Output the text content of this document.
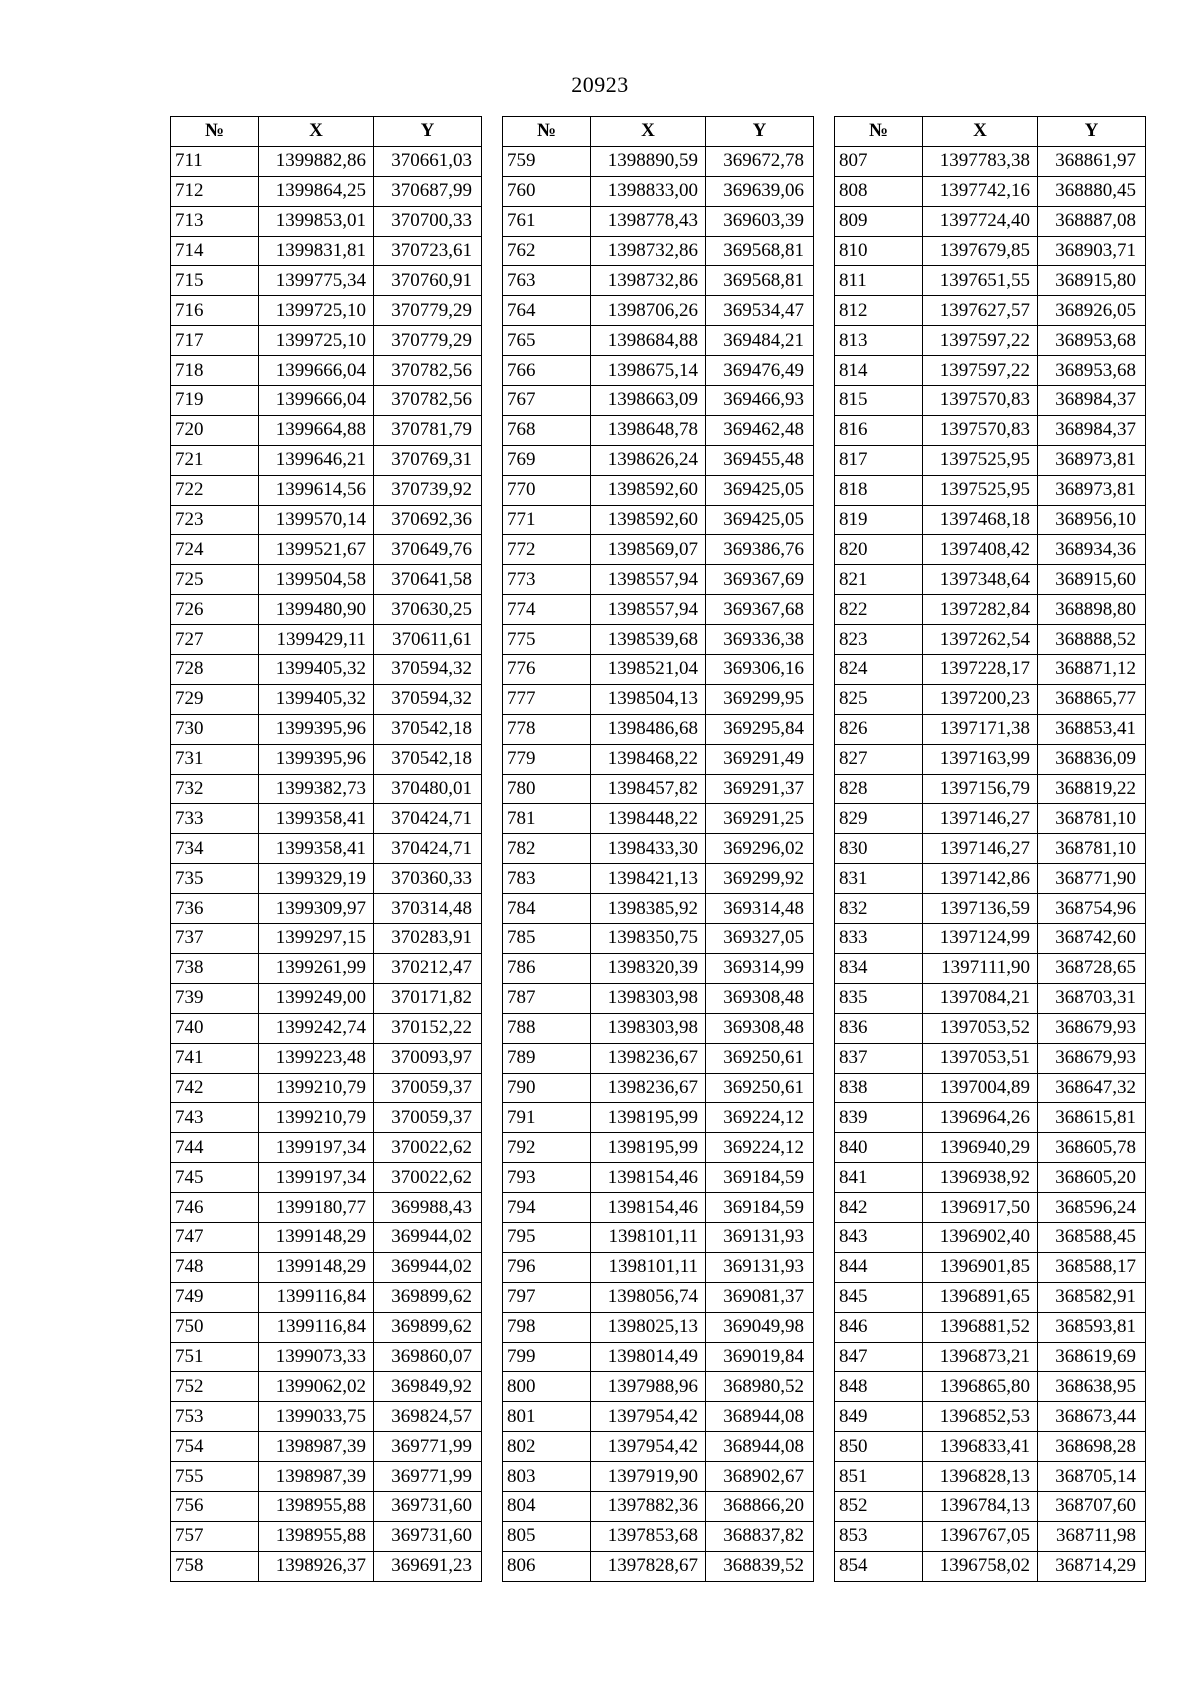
20923
№	X	Y
711	1399882,86	370661,03
712	1399864,25	370687,99
713	1399853,01	370700,33
714	1399831,81	370723,61
715	1399775,34	370760,91
716	1399725,10	370779,29
717	1399725,10	370779,29
718	1399666,04	370782,56
719	1399666,04	370782,56
720	1399664,88	370781,79
721	1399646,21	370769,31
722	1399614,56	370739,92
723	1399570,14	370692,36
724	1399521,67	370649,76
725	1399504,58	370641,58
726	1399480,90	370630,25
727	1399429,11	370611,61
728	1399405,32	370594,32
729	1399405,32	370594,32
730	1399395,96	370542,18
731	1399395,96	370542,18
732	1399382,73	370480,01
733	1399358,41	370424,71
734	1399358,41	370424,71
735	1399329,19	370360,33
736	1399309,97	370314,48
737	1399297,15	370283,91
738	1399261,99	370212,47
739	1399249,00	370171,82
740	1399242,74	370152,22
741	1399223,48	370093,97
742	1399210,79	370059,37
743	1399210,79	370059,37
744	1399197,34	370022,62
745	1399197,34	370022,62
746	1399180,77	369988,43
747	1399148,29	369944,02
748	1399148,29	369944,02
749	1399116,84	369899,62
750	1399116,84	369899,62
751	1399073,33	369860,07
752	1399062,02	369849,92
753	1399033,75	369824,57
754	1398987,39	369771,99
755	1398987,39	369771,99
756	1398955,88	369731,60
757	1398955,88	369731,60
758	1398926,37	369691,23
№	X	Y
759	1398890,59	369672,78
760	1398833,00	369639,06
761	1398778,43	369603,39
762	1398732,86	369568,81
763	1398732,86	369568,81
764	1398706,26	369534,47
765	1398684,88	369484,21
766	1398675,14	369476,49
767	1398663,09	369466,93
768	1398648,78	369462,48
769	1398626,24	369455,48
770	1398592,60	369425,05
771	1398592,60	369425,05
772	1398569,07	369386,76
773	1398557,94	369367,69
774	1398557,94	369367,68
775	1398539,68	369336,38
776	1398521,04	369306,16
777	1398504,13	369299,95
778	1398486,68	369295,84
779	1398468,22	369291,49
780	1398457,82	369291,37
781	1398448,22	369291,25
782	1398433,30	369296,02
783	1398421,13	369299,92
784	1398385,92	369314,48
785	1398350,75	369327,05
786	1398320,39	369314,99
787	1398303,98	369308,48
788	1398303,98	369308,48
789	1398236,67	369250,61
790	1398236,67	369250,61
791	1398195,99	369224,12
792	1398195,99	369224,12
793	1398154,46	369184,59
794	1398154,46	369184,59
795	1398101,11	369131,93
796	1398101,11	369131,93
797	1398056,74	369081,37
798	1398025,13	369049,98
799	1398014,49	369019,84
800	1397988,96	368980,52
801	1397954,42	368944,08
802	1397954,42	368944,08
803	1397919,90	368902,67
804	1397882,36	368866,20
805	1397853,68	368837,82
806	1397828,67	368839,52
№	X	Y
807	1397783,38	368861,97
808	1397742,16	368880,45
809	1397724,40	368887,08
810	1397679,85	368903,71
811	1397651,55	368915,80
812	1397627,57	368926,05
813	1397597,22	368953,68
814	1397597,22	368953,68
815	1397570,83	368984,37
816	1397570,83	368984,37
817	1397525,95	368973,81
818	1397525,95	368973,81
819	1397468,18	368956,10
820	1397408,42	368934,36
821	1397348,64	368915,60
822	1397282,84	368898,80
823	1397262,54	368888,52
824	1397228,17	368871,12
825	1397200,23	368865,77
826	1397171,38	368853,41
827	1397163,99	368836,09
828	1397156,79	368819,22
829	1397146,27	368781,10
830	1397146,27	368781,10
831	1397142,86	368771,90
832	1397136,59	368754,96
833	1397124,99	368742,60
834	1397111,90	368728,65
835	1397084,21	368703,31
836	1397053,52	368679,93
837	1397053,51	368679,93
838	1397004,89	368647,32
839	1396964,26	368615,81
840	1396940,29	368605,78
841	1396938,92	368605,20
842	1396917,50	368596,24
843	1396902,40	368588,45
844	1396901,85	368588,17
845	1396891,65	368582,91
846	1396881,52	368593,81
847	1396873,21	368619,69
848	1396865,80	368638,95
849	1396852,53	368673,44
850	1396833,41	368698,28
851	1396828,13	368705,14
852	1396784,13	368707,60
853	1396767,05	368711,98
854	1396758,02	368714,29
